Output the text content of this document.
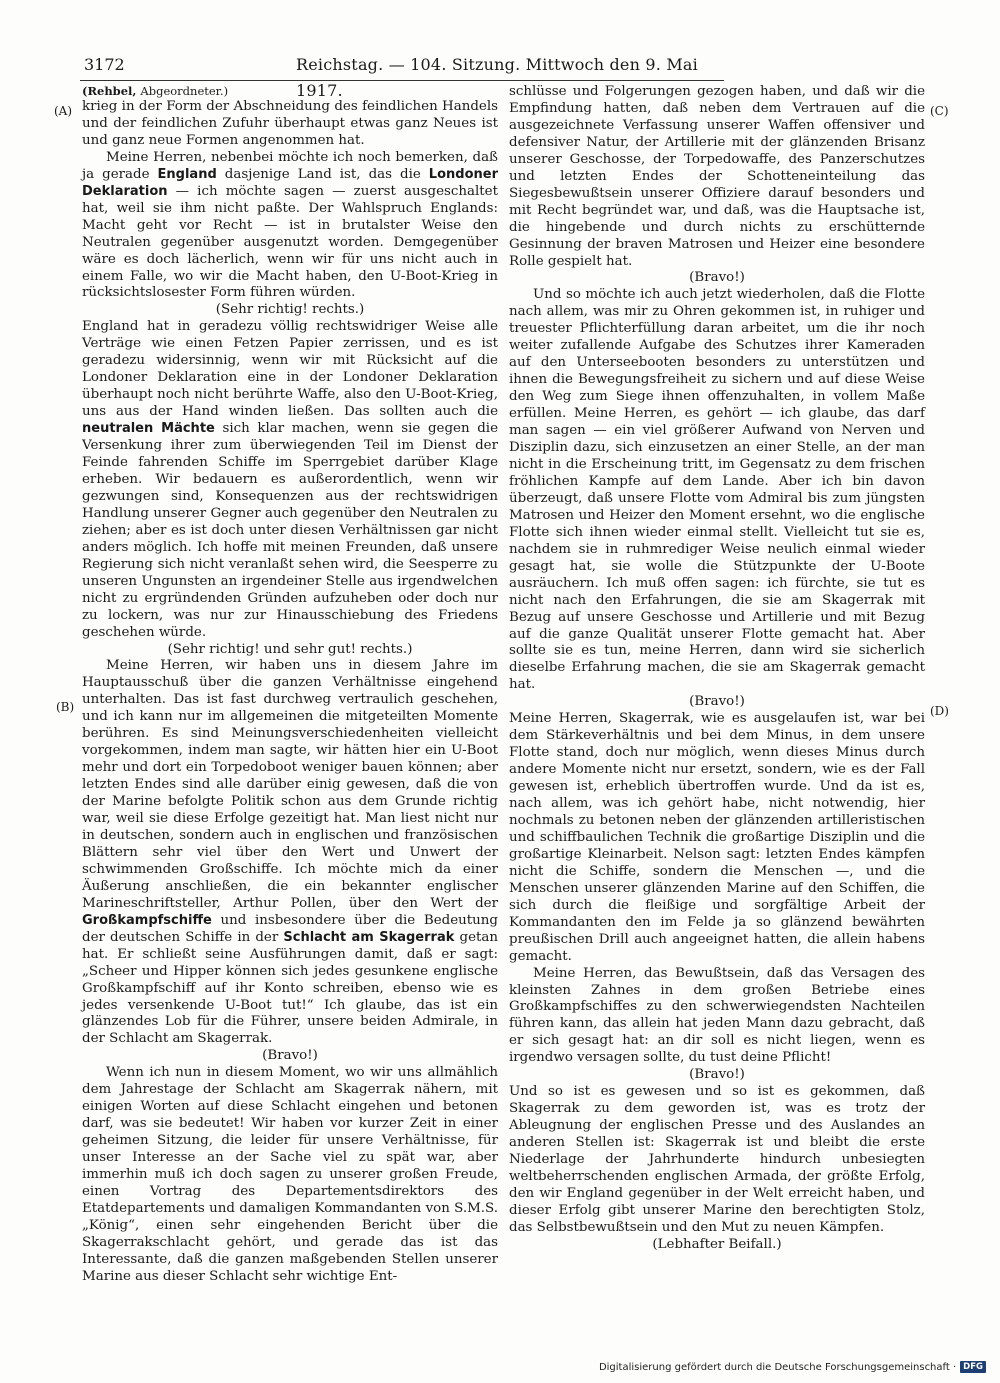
3172	Reichstag. — 104. Sitzung. Mittwoch den 9. Mai 1917.
(A)
(B)
(C)
(D)

(Rehbel, Abgeordneter.)

krieg in der Form der Abschneidung des feindlichen Handels und der feindlichen Zufuhr überhaupt etwas ganz Neues ist und ganz neue Formen angenommen hat.

Meine Herren, nebenbei möchte ich noch bemerken, daß ja gerade England dasjenige Land ist, das die Londoner Deklaration — ich möchte sagen — zuerst ausgeschaltet hat, weil sie ihm nicht paßte. Der Wahlspruch Englands: Macht geht vor Recht — ist in brutalster Weise den Neutralen gegenüber ausgenutzt worden. Demgegenüber wäre es doch lächerlich, wenn wir für uns nicht auch in einem Falle, wo wir die Macht haben, den U-Boot-Krieg in rücksichtslosester Form führen würden.

(Sehr richtig! rechts.)

England hat in geradezu völlig rechtswidriger Weise alle Verträge wie einen Fetzen Papier zerrissen, und es ist geradezu widersinnig, wenn wir mit Rücksicht auf die Londoner Deklaration eine in der Londoner Deklaration überhaupt noch nicht berührte Waffe, also den U-Boot-Krieg, uns aus der Hand winden ließen. Das sollten auch die neutralen Mächte sich klar machen, wenn sie gegen die Versenkung ihrer zum überwiegenden Teil im Dienst der Feinde fahrenden Schiffe im Sperrgebiet darüber Klage erheben. Wir bedauern es außerordentlich, wenn wir gezwungen sind, Konsequenzen aus der rechtswidrigen Handlung unserer Gegner auch gegenüber den Neutralen zu ziehen; aber es ist doch unter diesen Verhältnissen gar nicht anders möglich. Ich hoffe mit meinen Freunden, daß unsere Regierung sich nicht veranlaßt sehen wird, die Seesperre zu unseren Ungunsten an irgendeiner Stelle aus irgendwelchen nicht zu ergründenden Gründen aufzuheben oder doch nur zu lockern, was nur zur Hinausschiebung des Friedens geschehen würde.

(Sehr richtig! und sehr gut! rechts.)

Meine Herren, wir haben uns in diesem Jahre im Hauptausschuß über die ganzen Verhältnisse eingehend unterhalten. Das ist fast durchweg vertraulich geschehen, und ich kann nur im allgemeinen die mitgeteilten Momente berühren. Es sind Meinungsverschiedenheiten vielleicht vorgekommen, indem man sagte, wir hätten hier ein U-Boot mehr und dort ein Torpedoboot weniger bauen können; aber letzten Endes sind alle darüber einig gewesen, daß die von der Marine befolgte Politik schon aus dem Grunde richtig war, weil sie diese Erfolge gezeitigt hat. Man liest nicht nur in deutschen, sondern auch in englischen und französischen Blättern sehr viel über den Wert und Unwert der schwimmenden Großschiffe. Ich möchte mich da einer Äußerung anschließen, die ein bekannter englischer Marineschriftsteller, Arthur Pollen, über den Wert der Großkampfschiffe und insbesondere über die Bedeutung der deutschen Schiffe in der Schlacht am Skagerrak getan hat. Er schließt seine Ausführungen damit, daß er sagt: „Scheer und Hipper können sich jedes gesunkene englische Großkampfschiff auf ihr Konto schreiben, ebenso wie es jedes versenkende U-Boot tut!“ Ich glaube, das ist ein glänzendes Lob für die Führer, unsere beiden Admirale, in der Schlacht am Skagerrak.

(Bravo!)

Wenn ich nun in diesem Moment, wo wir uns allmählich dem Jahrestage der Schlacht am Skagerrak nähern, mit einigen Worten auf diese Schlacht eingehen und betonen darf, was sie bedeutet! Wir haben vor kurzer Zeit in einer geheimen Sitzung, die leider für unsere Verhältnisse, für unser Interesse an der Sache viel zu spät war, aber immerhin muß ich doch sagen zu unserer großen Freude, einen Vortrag des Departementsdirektors des Etatdepartements und damaligen Kommandanten von S.M.S. „König“, einen sehr eingehenden Bericht über die Skagerrakschlacht gehört, und gerade das ist das Interessante, daß die ganzen maßgebenden Stellen unserer Marine aus dieser Schlacht sehr wichtige Ent-

schlüsse und Folgerungen gezogen haben, und daß wir die Empfindung hatten, daß neben dem Vertrauen auf die ausgezeichnete Verfassung unserer Waffen offensiver und defensiver Natur, der Artillerie mit der glänzenden Brisanz unserer Geschosse, der Torpedowaffe, des Panzerschutzes und letzten Endes der Schotteneinteilung das Siegesbewußtsein unserer Offiziere darauf besonders und mit Recht begründet war, und daß, was die Hauptsache ist, die hingebende und durch nichts zu erschütternde Gesinnung der braven Matrosen und Heizer eine besondere Rolle gespielt hat.

(Bravo!)

Und so möchte ich auch jetzt wiederholen, daß die Flotte nach allem, was mir zu Ohren gekommen ist, in ruhiger und treuester Pflichterfüllung daran arbeitet, um die ihr noch weiter zufallende Aufgabe des Schutzes ihrer Kameraden auf den Unterseebooten besonders zu unterstützen und ihnen die Bewegungsfreiheit zu sichern und auf diese Weise den Weg zum Siege ihnen offenzuhalten, in vollem Maße erfüllen. Meine Herren, es gehört — ich glaube, das darf man sagen — ein viel größerer Aufwand von Nerven und Disziplin dazu, sich einzusetzen an einer Stelle, an der man nicht in die Erscheinung tritt, im Gegensatz zu dem frischen fröhlichen Kampfe auf dem Lande. Aber ich bin davon überzeugt, daß unsere Flotte vom Admiral bis zum jüngsten Matrosen und Heizer den Moment ersehnt, wo die englische Flotte sich ihnen wieder einmal stellt. Vielleicht tut sie es, nachdem sie in ruhmrediger Weise neulich einmal wieder gesagt hat, sie wolle die Stützpunkte der U-Boote ausräuchern. Ich muß offen sagen: ich fürchte, sie tut es nicht nach den Erfahrungen, die sie am Skagerrak mit Bezug auf unsere Geschosse und Artillerie und mit Bezug auf die ganze Qualität unserer Flotte gemacht hat. Aber sollte sie es tun, meine Herren, dann wird sie sicherlich dieselbe Erfahrung machen, die sie am Skagerrak gemacht hat.

(Bravo!)

Meine Herren, Skagerrak, wie es ausgelaufen ist, war bei dem Stärkeverhältnis und bei dem Minus, in dem unsere Flotte stand, doch nur möglich, wenn dieses Minus durch andere Momente nicht nur ersetzt, sondern, wie es der Fall gewesen ist, erheblich übertroffen wurde. Und da ist es, nach allem, was ich gehört habe, nicht notwendig, hier nochmals zu betonen neben der glänzenden artilleristischen und schiffbaulichen Technik die großartige Disziplin und die großartige Kleinarbeit. Nelson sagt: letzten Endes kämpfen nicht die Schiffe, sondern die Menschen —, und die Menschen unserer glänzenden Marine auf den Schiffen, die sich durch die fleißige und sorgfältige Arbeit der Kommandanten den im Felde ja so glänzend bewährten preußischen Drill auch angeeignet hatten, die allein habens gemacht.

Meine Herren, das Bewußtsein, daß das Versagen des kleinsten Zahnes in dem großen Betriebe eines Großkampfschiffes zu den schwerwiegendsten Nachteilen führen kann, das allein hat jeden Mann dazu gebracht, daß er sich gesagt hat: an dir soll es nicht liegen, wenn es irgendwo versagen sollte, du tust deine Pflicht!

(Bravo!)

Und so ist es gewesen und so ist es gekommen, daß Skagerrak zu dem geworden ist, was es trotz der Ableugnung der englischen Presse und des Auslandes an anderen Stellen ist: Skagerrak ist und bleibt die erste Niederlage der Jahrhunderte hindurch unbesiegten weltbeherrschenden englischen Armada, der größte Erfolg, den wir England gegenüber in der Welt erreicht haben, und dieser Erfolg gibt unserer Marine den berechtigten Stolz, das Selbstbewußtsein und den Mut zu neuen Kämpfen.

(Lebhafter Beifall.)

Digitalisierung gefördert durch die Deutsche Forschungsgemeinschaft · DFG
